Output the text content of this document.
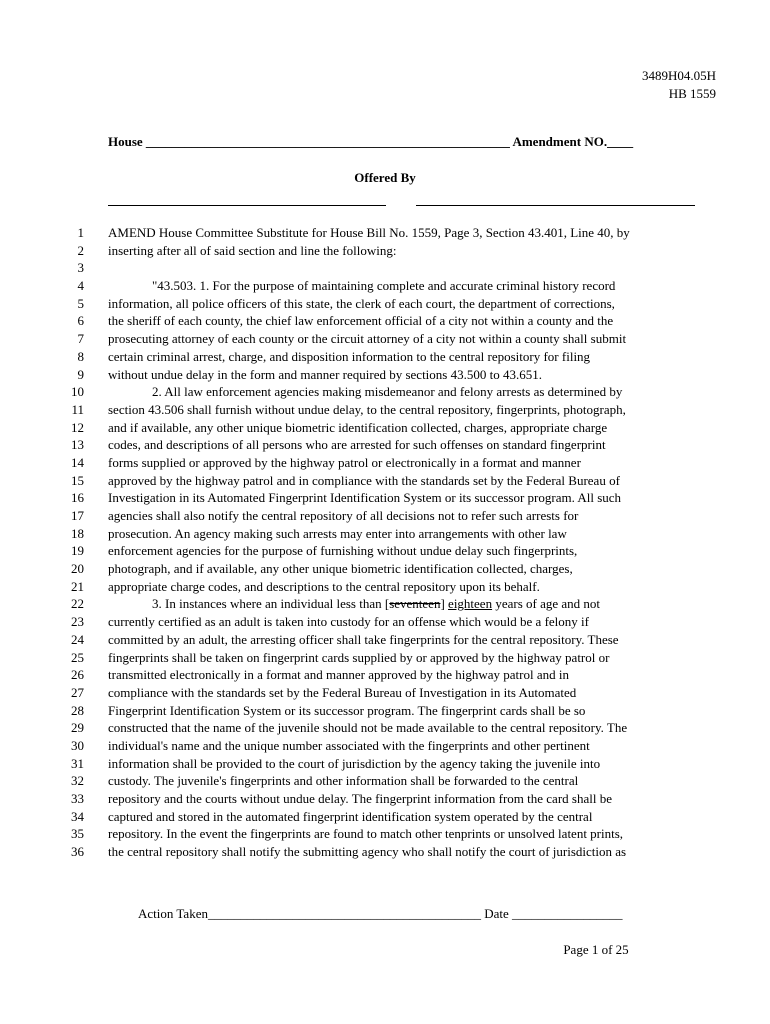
3489H04.05H
HB 1559
House ________________________________________________________ Amendment NO.____
Offered By
1 AMEND House Committee Substitute for House Bill No. 1559, Page 3, Section 43.401, Line 40, by
2 inserting after all of said section and line the following:
3
4	"43.503. 1. For the purpose of maintaining complete and accurate criminal history record
5 information, all police officers of this state, the clerk of each court, the department of corrections,
6 the sheriff of each county, the chief law enforcement official of a city not within a county and the
7 prosecuting attorney of each county or the circuit attorney of a city not within a county shall submit
8 certain criminal arrest, charge, and disposition information to the central repository for filing
9 without undue delay in the form and manner required by sections 43.500 to 43.651.
10	2. All law enforcement agencies making misdemeanor and felony arrests as determined by
11 section 43.506 shall furnish without undue delay, to the central repository, fingerprints, photograph,
12 and if available, any other unique biometric identification collected, charges, appropriate charge
13 codes, and descriptions of all persons who are arrested for such offenses on standard fingerprint
14 forms supplied or approved by the highway patrol or electronically in a format and manner
15 approved by the highway patrol and in compliance with the standards set by the Federal Bureau of
16 Investigation in its Automated Fingerprint Identification System or its successor program. All such
17 agencies shall also notify the central repository of all decisions not to refer such arrests for
18 prosecution. An agency making such arrests may enter into arrangements with other law
19 enforcement agencies for the purpose of furnishing without undue delay such fingerprints,
20 photograph, and if available, any other unique biometric identification collected, charges,
21 appropriate charge codes, and descriptions to the central repository upon its behalf.
22	3. In instances where an individual less than [seventeen] eighteen years of age and not
23 currently certified as an adult is taken into custody for an offense which would be a felony if
24 committed by an adult, the arresting officer shall take fingerprints for the central repository. These
25 fingerprints shall be taken on fingerprint cards supplied by or approved by the highway patrol or
26 transmitted electronically in a format and manner approved by the highway patrol and in
27 compliance with the standards set by the Federal Bureau of Investigation in its Automated
28 Fingerprint Identification System or its successor program. The fingerprint cards shall be so
29 constructed that the name of the juvenile should not be made available to the central repository. The
30 individual's name and the unique number associated with the fingerprints and other pertinent
31 information shall be provided to the court of jurisdiction by the agency taking the juvenile into
32 custody. The juvenile's fingerprints and other information shall be forwarded to the central
33 repository and the courts without undue delay. The fingerprint information from the card shall be
34 captured and stored in the automated fingerprint identification system operated by the central
35 repository. In the event the fingerprints are found to match other tenprints or unsolved latent prints,
36 the central repository shall notify the submitting agency who shall notify the court of jurisdiction as
Action Taken__________________________________________ Date _________________
Page 1 of 25
